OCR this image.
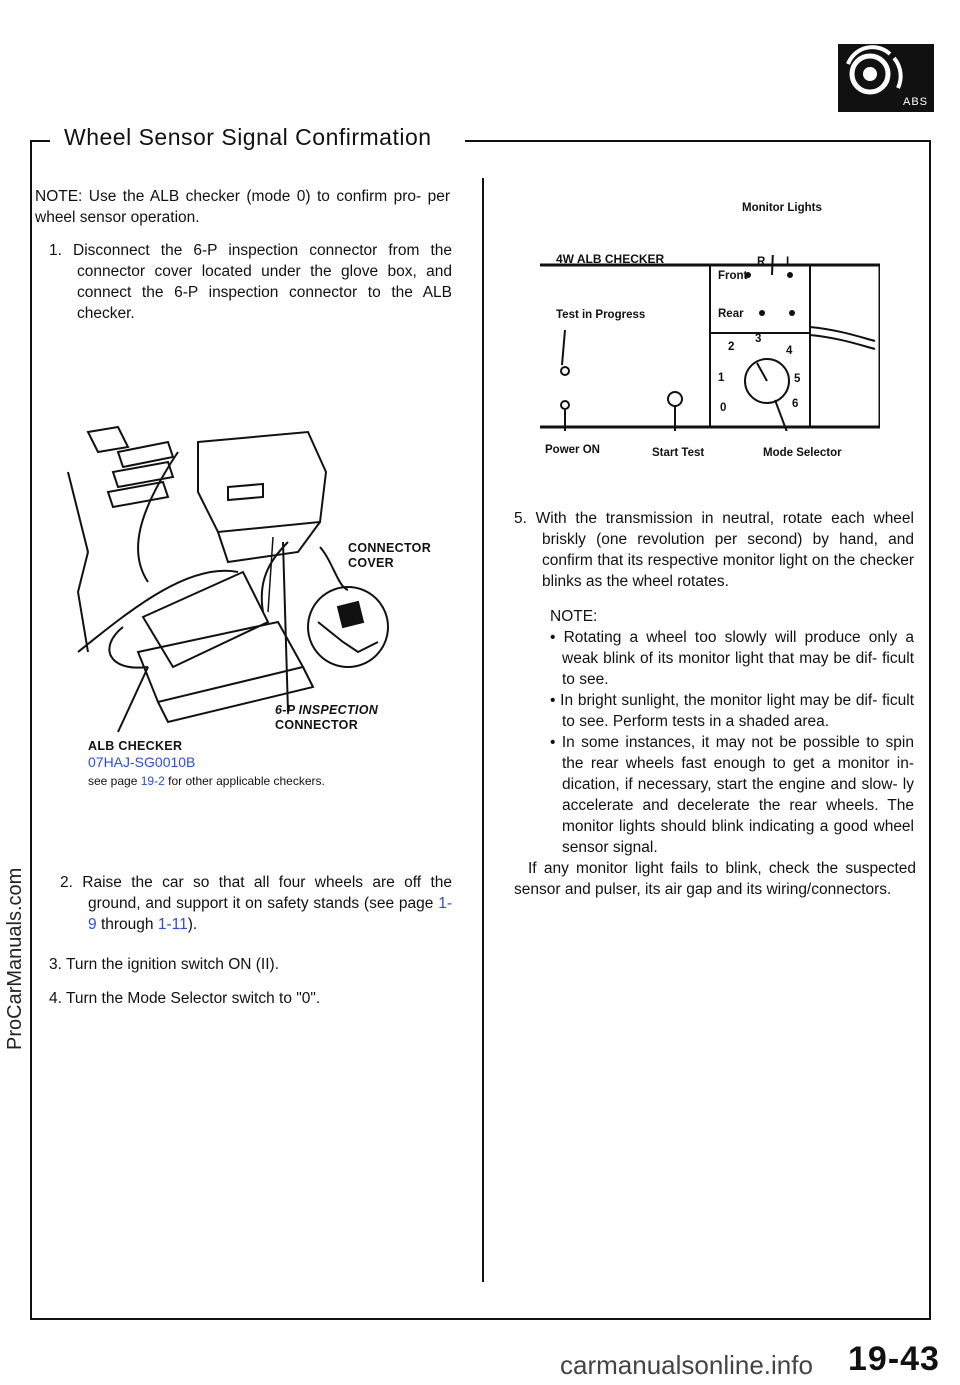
ABS
Wheel Sensor Signal Confirmation
NOTE: Use the ALB checker (mode 0) to confirm pro- per wheel sensor operation.
1. Disconnect the 6-P inspection connector from the connector cover located under the glove box, and connect the 6-P inspection connector to the ALB checker.
CONNECTOR
COVER
6-P INSPECTION
CONNECTOR
ALB CHECKER
07HAJ-SG0010B
see page 19-2 for other applicable checkers.
2. Raise the car so that all four wheels are off the ground, and support it on safety stands (see page 1-9 through 1-11).
3. Turn the ignition switch ON (II).
4. Turn the Mode Selector switch to "0".
Monitor Lights
4W ALB CHECKER
Test in Progress
R L
Front
Rear
0
1
2
3
4
5
6
Power ON	Start Test	Mode Selector
5. With the transmission in neutral, rotate each wheel briskly (one revolution per second) by hand, and confirm that its respective monitor light on the checker blinks as the wheel rotates.
NOTE:
• Rotating a wheel too slowly will produce only a weak blink of its monitor light that may be dif- ficult to see.
• In bright sunlight, the monitor light may be dif- ficult to see. Perform tests in a shaded area.
• In some instances, it may not be possible to spin the rear wheels fast enough to get a monitor in- dication, if necessary, start the engine and slow- ly accelerate and decelerate the rear wheels. The monitor lights should blink indicating a good wheel sensor signal.
If any monitor light fails to blink, check the suspected sensor and pulser, its air gap and its wiring/connectors.
ProCarManuals.com
carmanualsonline.info 19-43
